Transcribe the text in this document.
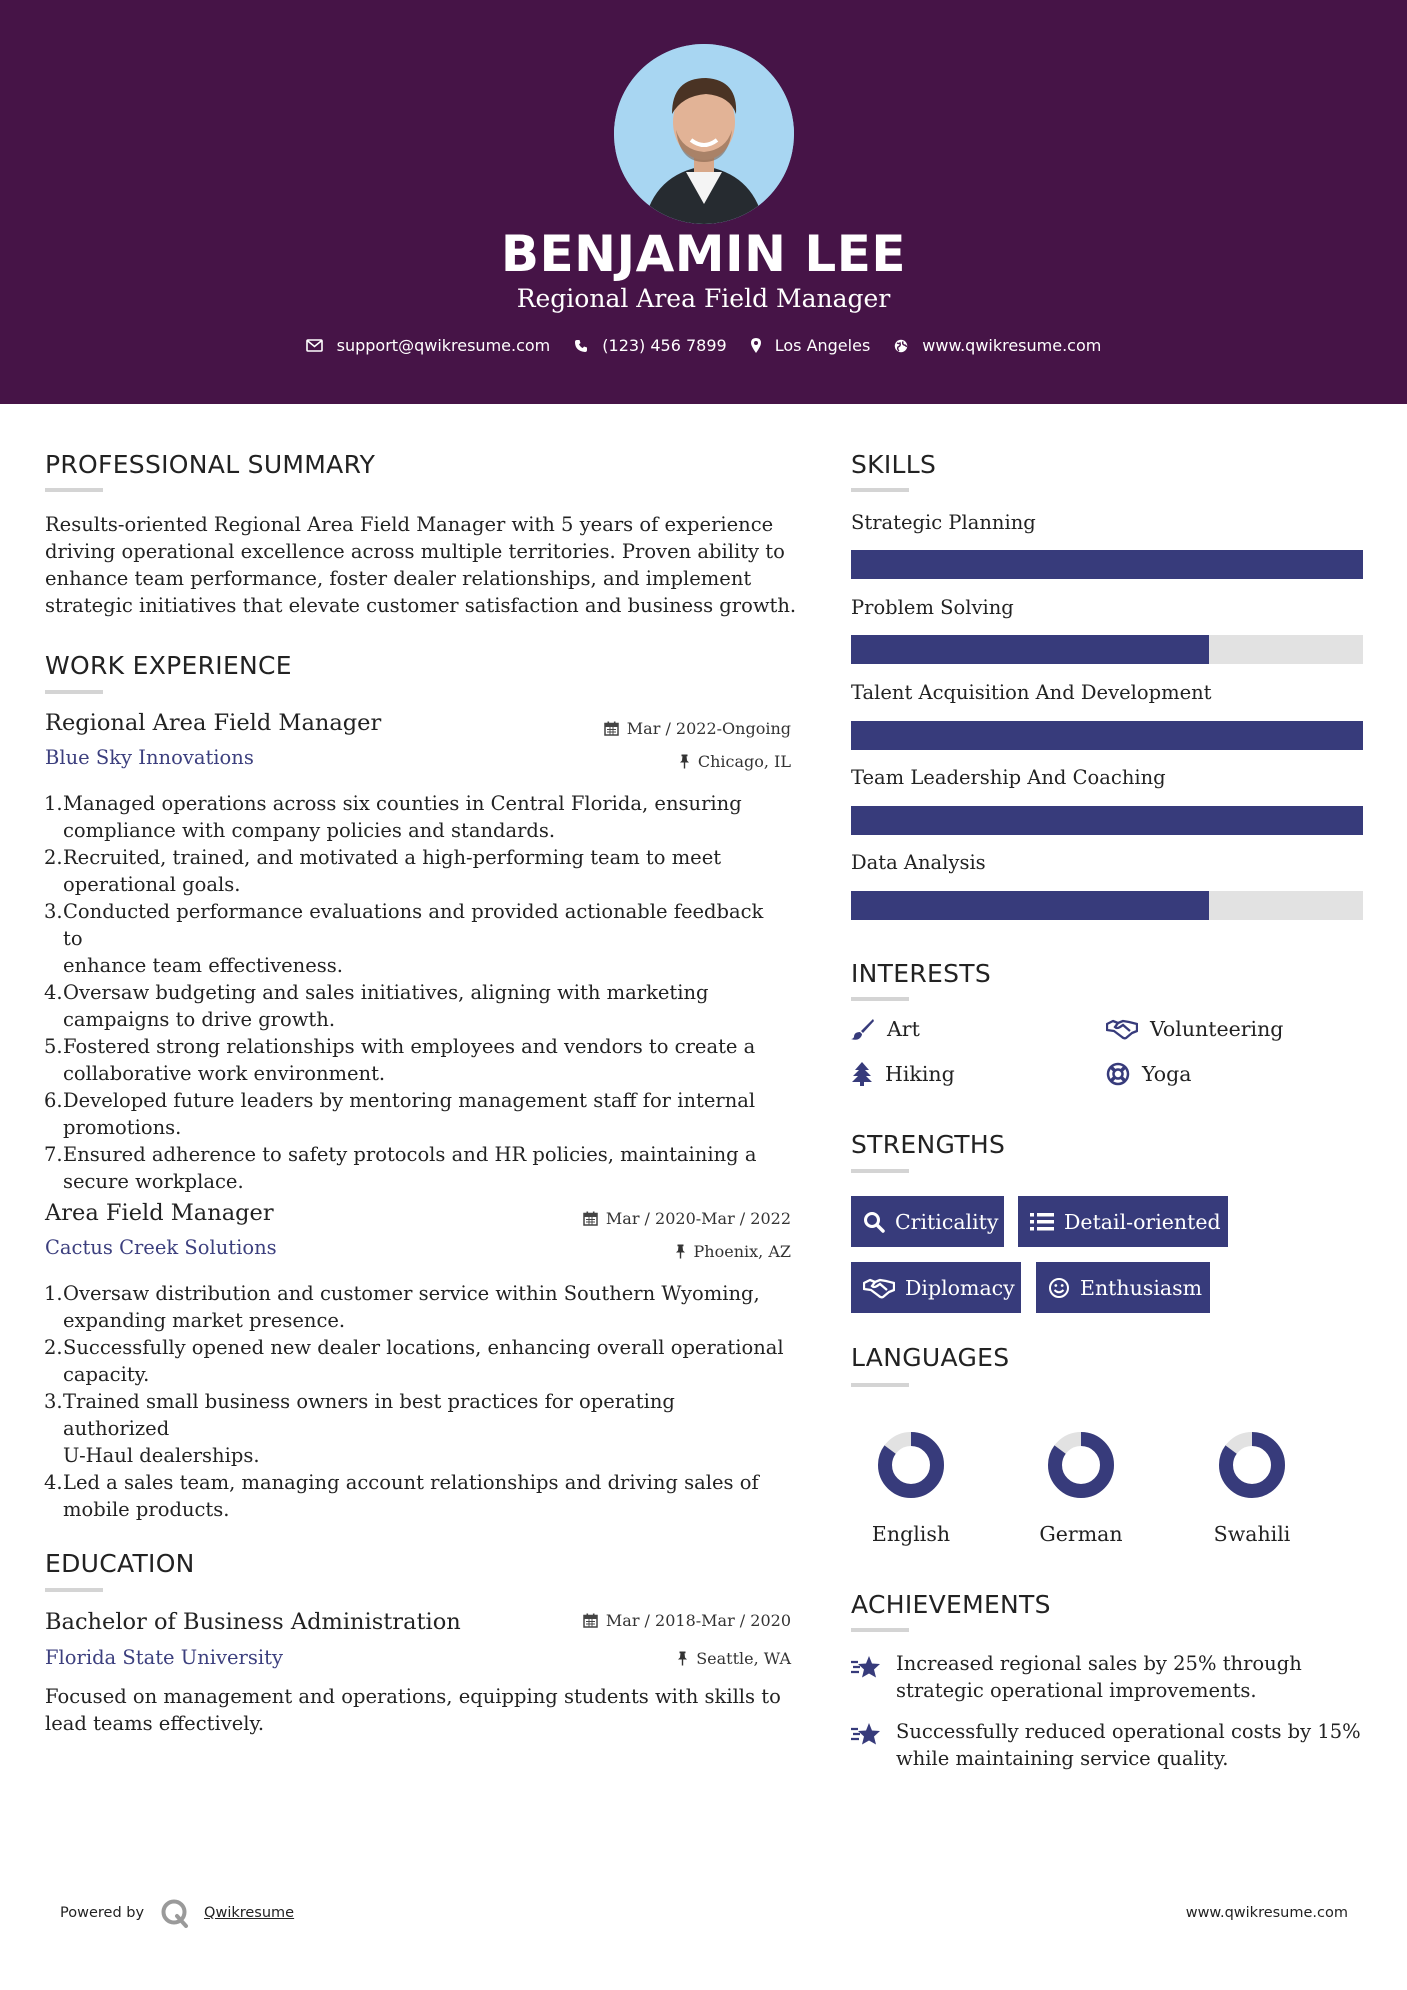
BENJAMIN LEE
Regional Area Field Manager
support@qwikresume.com	(123) 456 7899	Los Angeles	www.qwikresume.com
PROFESSIONAL SUMMARY
Results-oriented Regional Area Field Manager with 5 years of experience
driving operational excellence across multiple territories. Proven ability to
enhance team performance, foster dealer relationships, and implement
strategic initiatives that elevate customer satisfaction and business growth.
WORK EXPERIENCE
Regional Area Field Manager	Mar / 2022-Ongoing
Blue Sky Innovations	Chicago, IL
1. Managed operations across six counties in Central Florida, ensuring
compliance with company policies and standards.
2. Recruited, trained, and motivated a high-performing team to meet
operational goals.
3. Conducted performance evaluations and provided actionable feedback to
enhance team effectiveness.
4. Oversaw budgeting and sales initiatives, aligning with marketing
campaigns to drive growth.
5. Fostered strong relationships with employees and vendors to create a
collaborative work environment.
6. Developed future leaders by mentoring management staff for internal
promotions.
7. Ensured adherence to safety protocols and HR policies, maintaining a
secure workplace.
Area Field Manager	Mar / 2020-Mar / 2022
Cactus Creek Solutions	Phoenix, AZ
1. Oversaw distribution and customer service within Southern Wyoming,
expanding market presence.
2. Successfully opened new dealer locations, enhancing overall operational
capacity.
3. Trained small business owners in best practices for operating authorized
U-Haul dealerships.
4. Led a sales team, managing account relationships and driving sales of
mobile products.
EDUCATION
Bachelor of Business Administration	Mar / 2018-Mar / 2020
Florida State University	Seattle, WA
Focused on management and operations, equipping students with skills to
lead teams effectively.
SKILLS
Strategic Planning
Problem Solving
Talent Acquisition And Development
Team Leadership And Coaching
Data Analysis
INTERESTS
Art	Volunteering
Hiking	Yoga
STRENGTHS
Criticality	Detail-oriented
Diplomacy	Enthusiasm
LANGUAGES
English	German	Swahili
ACHIEVEMENTS
Increased regional sales by 25% through
strategic operational improvements.
Successfully reduced operational costs by 15%
while maintaining service quality.
Powered by	Qwikresume	www.qwikresume.com
